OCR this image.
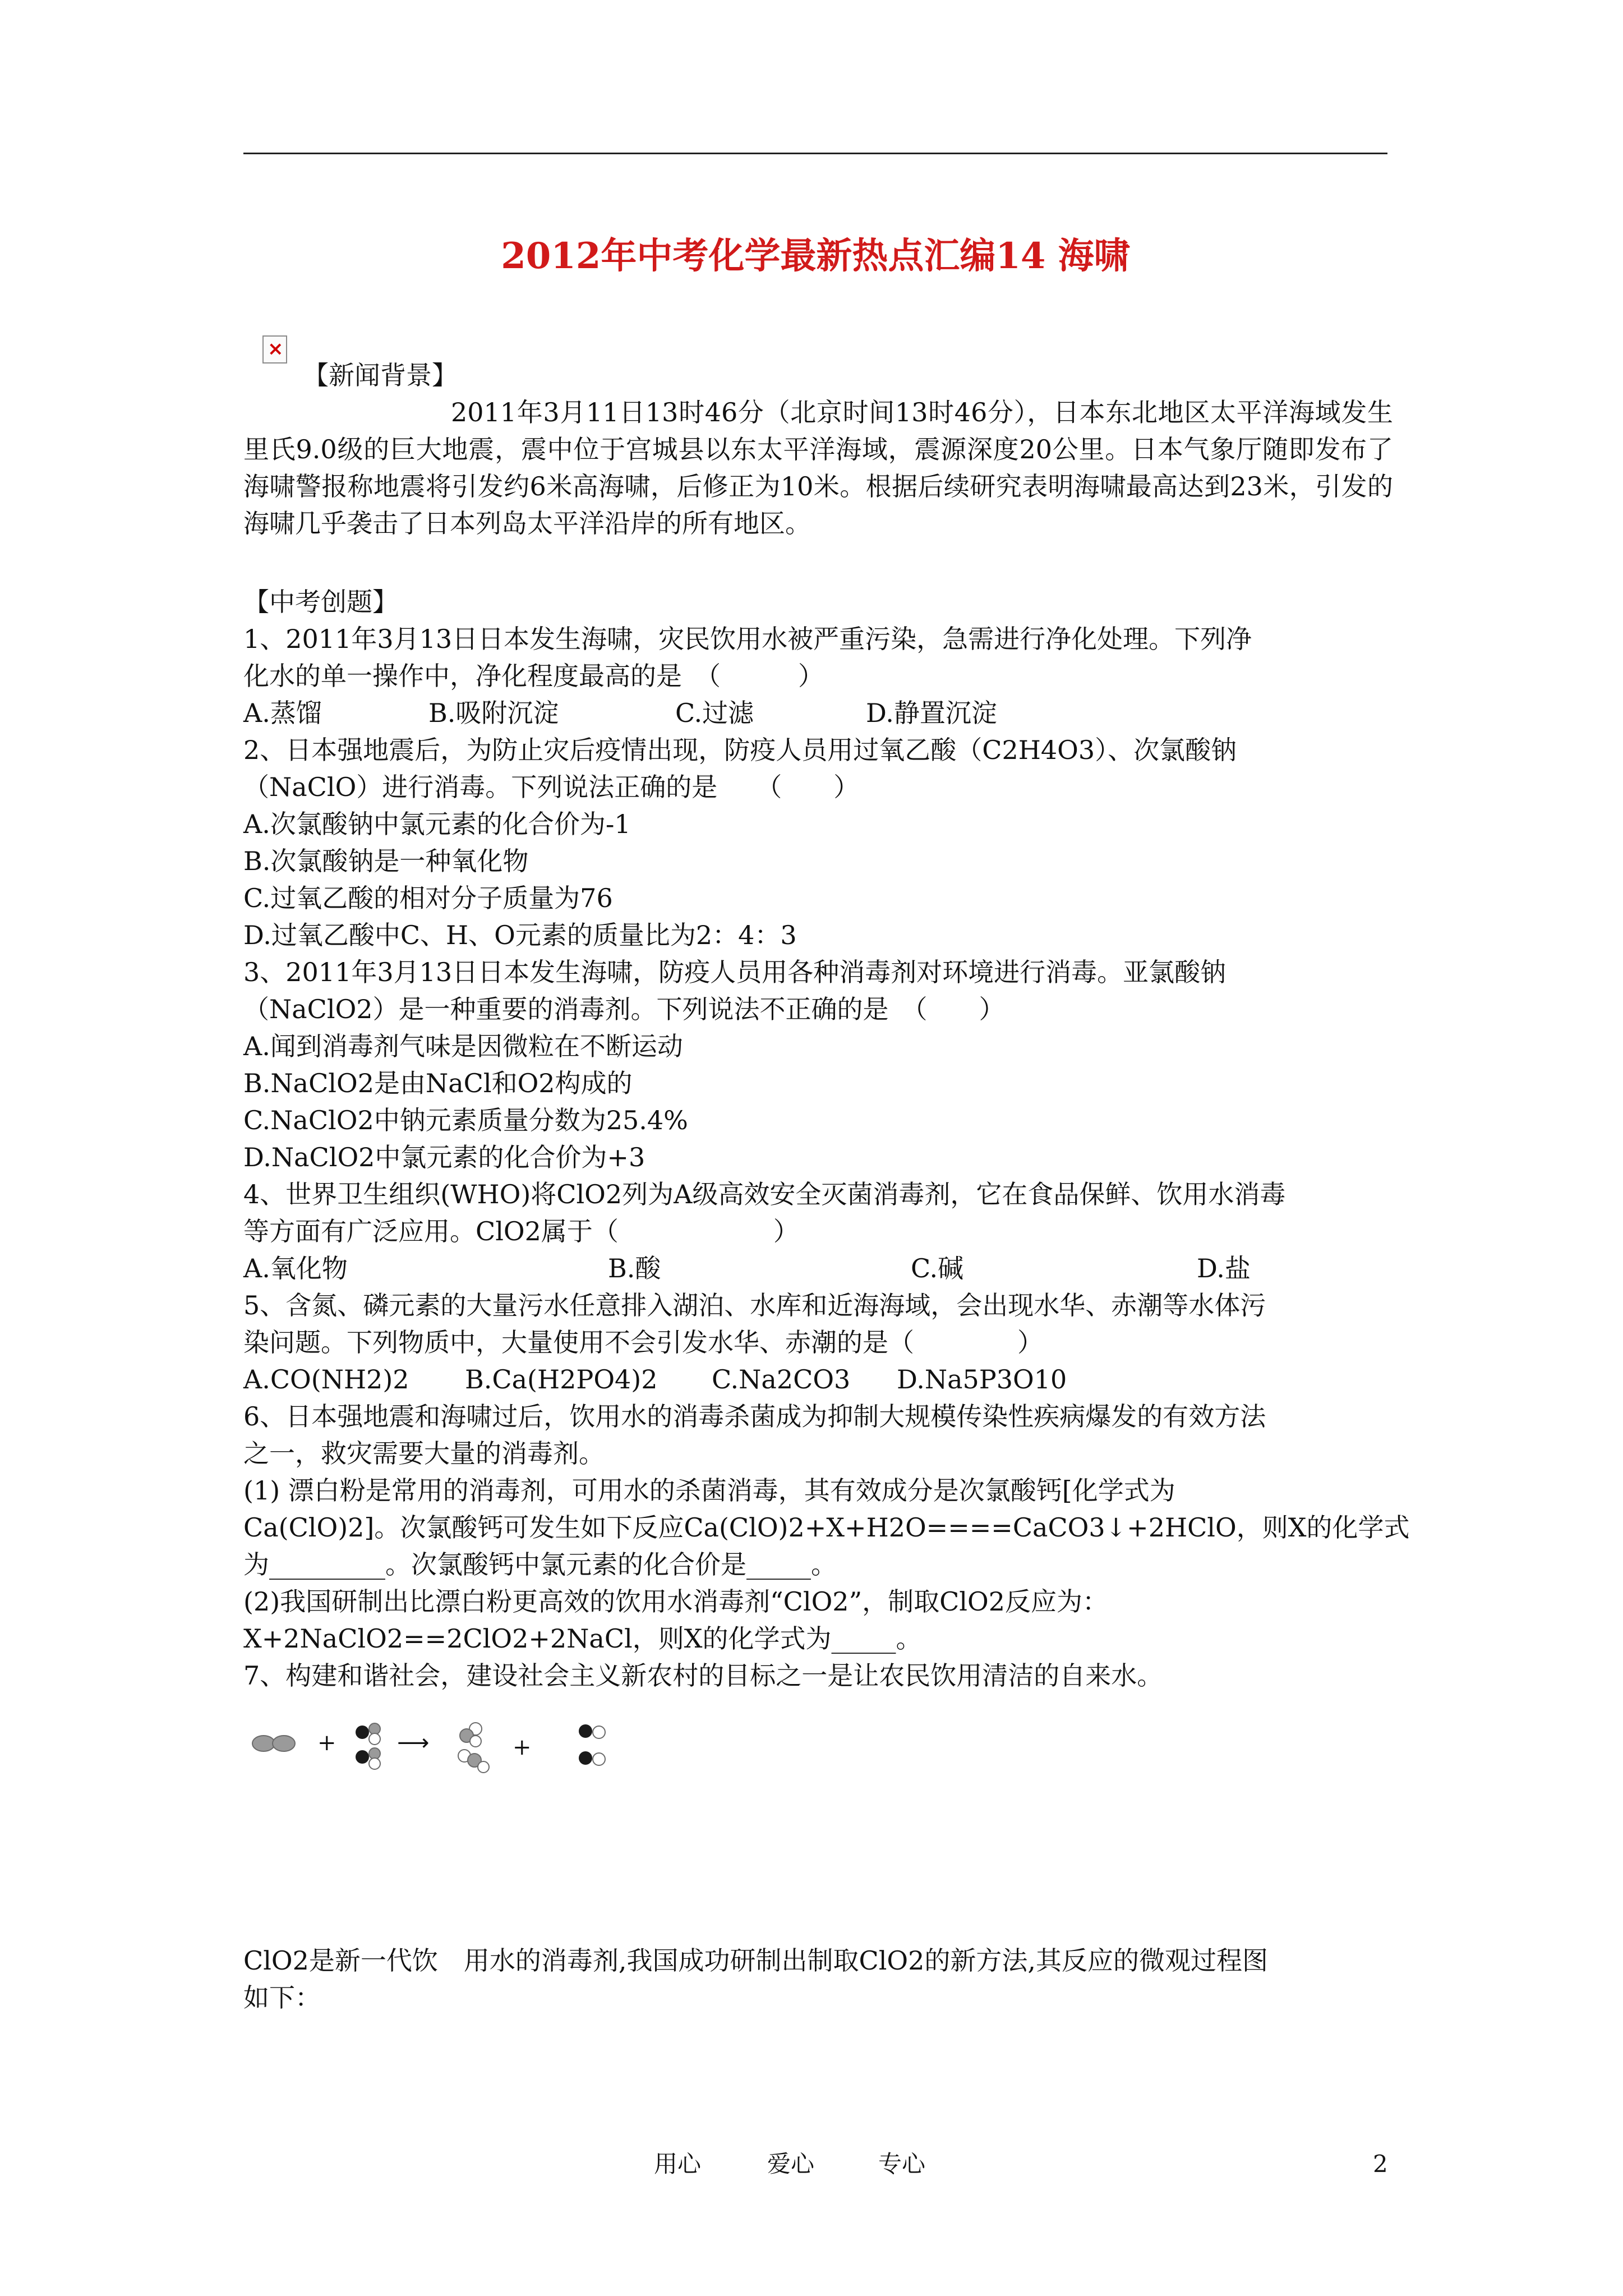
2012年中考化学最新热点汇编14 海啸
×
【新闻背景】
2011年3月11日13时46分（北京时间13时46分），日本东北地区太平洋海域发生里氏9.0级的巨大地震，震中位于宫城县以东太平洋海域，震源深度20公里。日本气象厅随即发布了海啸警报称地震将引发约6米高海啸，后修正为10米。根据后续研究表明海啸最高达到23米，引发的海啸几乎袭击了日本列岛太平洋沿岸的所有地区。
【中考创题】
1、2011年3月13日日本发生海啸，灾民饮用水被严重污染，急需进行净化处理。下列净
化水的单一操作中，净化程度最高的是　（　　　）
A.蒸馏	B.吸附沉淀	C.过滤	D.静置沉淀
2、日本强地震后，为防止灾后疫情出现，防疫人员用过氧乙酸（C2H4O3）、次氯酸钠
（NaClO）进行消毒。下列说法正确的是　　（　　）
A.次氯酸钠中氯元素的化合价为-1
B.次氯酸钠是一种氧化物
C.过氧乙酸的相对分子质量为76
D.过氧乙酸中C、H、O元素的质量比为2：4：3
3、2011年3月13日日本发生海啸，防疫人员用各种消毒剂对环境进行消毒。亚氯酸钠
（NaClO2）是一种重要的消毒剂。下列说法不正确的是　（　　）
A.闻到消毒剂气味是因微粒在不断运动
B.NaClO2是由NaCl和O2构成的
C.NaClO2中钠元素质量分数为25.4%
D.NaClO2中氯元素的化合价为+3
4、世界卫生组织(WHO)将ClO2列为A级高效安全灭菌消毒剂，它在食品保鲜、饮用水消毒
等方面有广泛应用。ClO2属于（　　　　　　）
A.氧化物	B.酸	C.碱	D.盐
5、含氮、磷元素的大量污水任意排入湖泊、水库和近海海域，会出现水华、赤潮等水体污
染问题。下列物质中，大量使用不会引发水华、赤潮的是（　　　　）
A.CO(NH2)2 B.Ca(H2PO4)2 C.Na2CO3 D.Na5P3O10
6、日本强地震和海啸过后，饮用水的消毒杀菌成为抑制大规模传染性疾病爆发的有效方法
之一，救灾需要大量的消毒剂。
(1) 漂白粉是常用的消毒剂，可用水的杀菌消毒，其有效成分是次氯酸钙[化学式为
Ca(ClO)2]。次氯酸钙可发生如下反应Ca(ClO)2+X+H2O====CaCO3↓+2HClO，则X的化学式
为_________。次氯酸钙中氯元素的化合价是_____。
(2)我国研制出比漂白粉更高效的饮用水消毒剂“ClO2”，制取ClO2反应为：
X+2NaClO2==2ClO2+2NaCl，则X的化学式为_____。
7、构建和谐社会，建设社会主义新农村的目标之一是让农民饮用清洁的自来水。
+	⟶	+
ClO2是新一代饮　用水的消毒剂,我国成功研制出制取ClO2的新方法,其反应的微观过程图
如下：
用心	爱心	专心	2
